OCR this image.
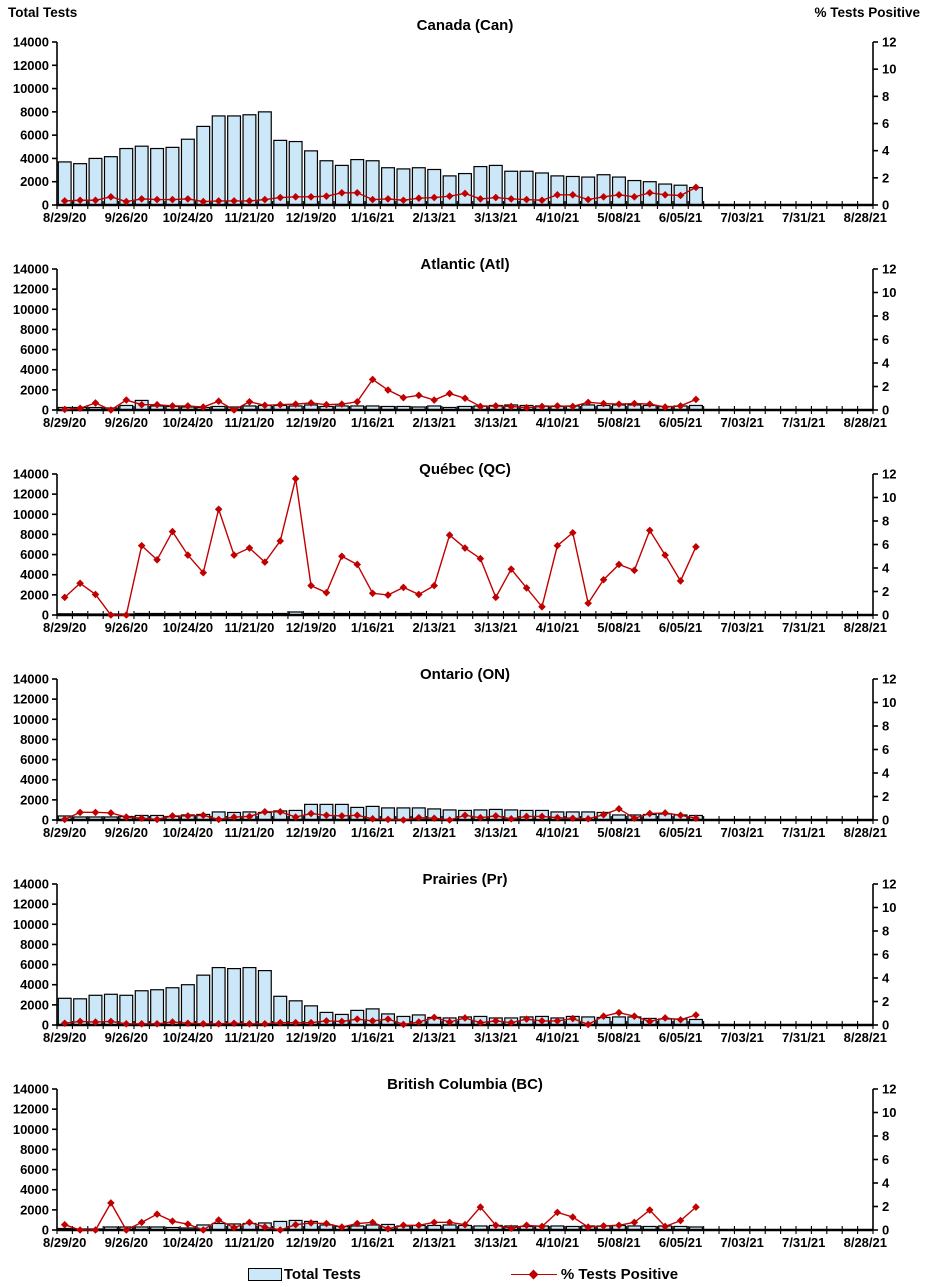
0
2000
4000
6000
8000
10000
12000
14000
0
2
4
6
8
10
12
8/29/20 9/26/20 10/24/20 11/21/20 12/19/20 1/16/21 2/13/21 3/13/21 4/10/21 5/08/21 6/05/21 7/03/21 7/31/21 8/28/21
Canada (Can)
Total Tests	% Tests Positive
0
2000
4000
6000
8000
10000
12000
14000
0
2
4
6
8
10
12
8/29/20 9/26/20 10/24/20 11/21/20 12/19/20 1/16/21 2/13/21 3/13/21 4/10/21 5/08/21 6/05/21 7/03/21 7/31/21 8/28/21
Atlantic (Atl)
0
2000
4000
6000
8000
10000
12000
14000
0
2
4
6
8
10
12
8/29/20 9/26/20 10/24/20 11/21/20 12/19/20 1/16/21 2/13/21 3/13/21 4/10/21 5/08/21 6/05/21 7/03/21 7/31/21 8/28/21
Québec (QC)
0
2000
4000
6000
8000
10000
12000
14000
0
2
4
6
8
10
12
8/29/20 9/26/20 10/24/20 11/21/20 12/19/20 1/16/21 2/13/21 3/13/21 4/10/21 5/08/21 6/05/21 7/03/21 7/31/21 8/28/21
Ontario (ON)
0
2000
4000
6000
8000
10000
12000
14000
0
2
4
6
8
10
12
8/29/20 9/26/20 10/24/20 11/21/20 12/19/20 1/16/21 2/13/21 3/13/21 4/10/21 5/08/21 6/05/21 7/03/21 7/31/21 8/28/21
Prairies (Pr)
0
2000
4000
6000
8000
10000
12000
14000
0
2
4
6
8
10
12
8/29/20 9/26/20 10/24/20 11/21/20 12/19/20 1/16/21 2/13/21 3/13/21 4/10/21 5/08/21 6/05/21 7/03/21 7/31/21 8/28/21
British Columbia (BC)
Total Tests	% Tests Positive
